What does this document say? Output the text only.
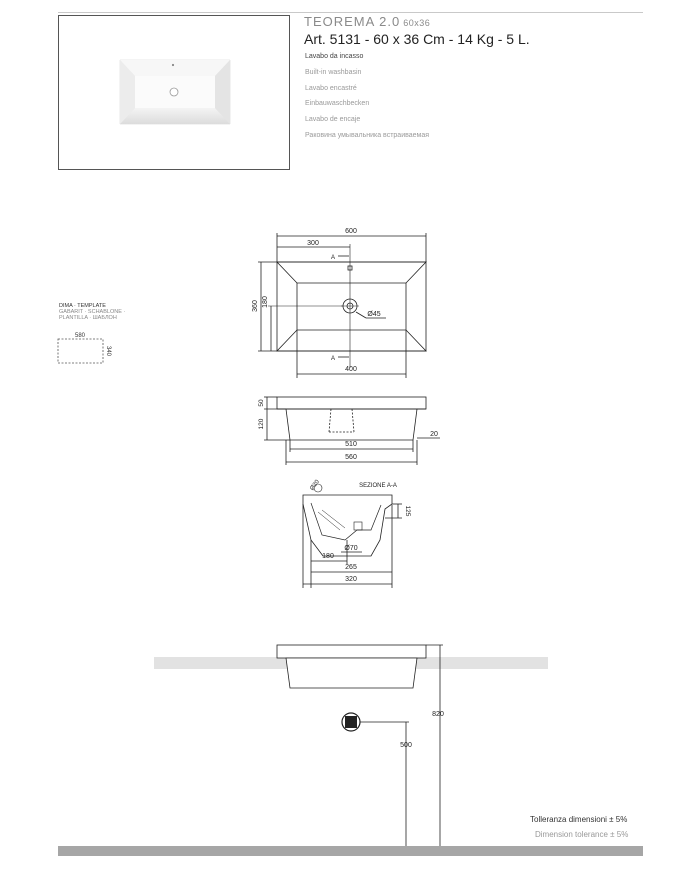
TEOREMA 2.0 60x36
Art. 5131 - 60 x 36 Cm - 14 Kg - 5 L.
Lavabo da incasso
Built-in washbasin
Lavabo encastré
Einbauwaschbecken
Lavabo de encaje
Раковина умывальника встраиваемая
DIMA · TEMPLATE
GABARIT · SCHABLONE ·
PLANTILLA · ШАБЛОН
580
340
600
300
A
A
Ø45
360 180
400
50
120
510
560
20
SEZIONE A-A
Ø20
125
Ø70
180
265
320
820
500
Tolleranza dimensioni ± 5%
Dimension tolerance ± 5%
